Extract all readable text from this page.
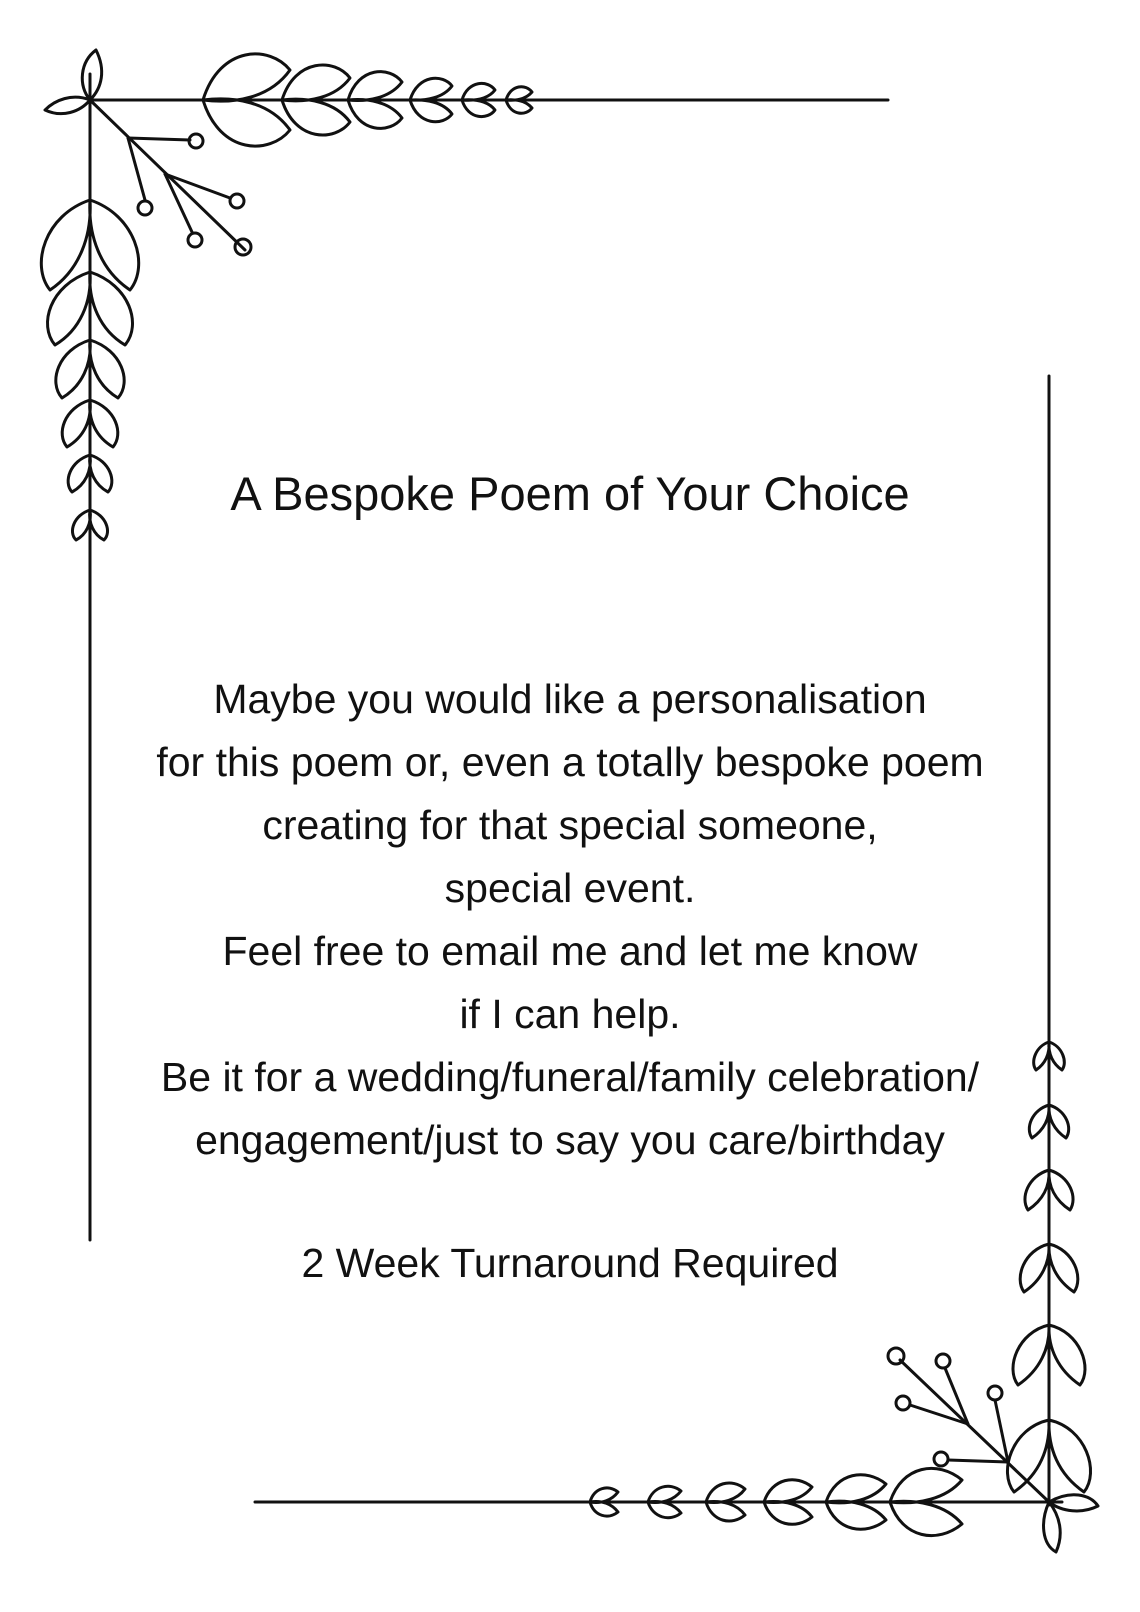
A Bespoke Poem of Your Choice
Maybe you would like a personalisation
for this poem or, even a totally bespoke poem
creating for that special someone,
special event.
Feel free to email me and let me know
if I can help.
Be it for a wedding/funeral/family celebration/
engagement/just to say you care/birthday

2 Week Turnaround Required
